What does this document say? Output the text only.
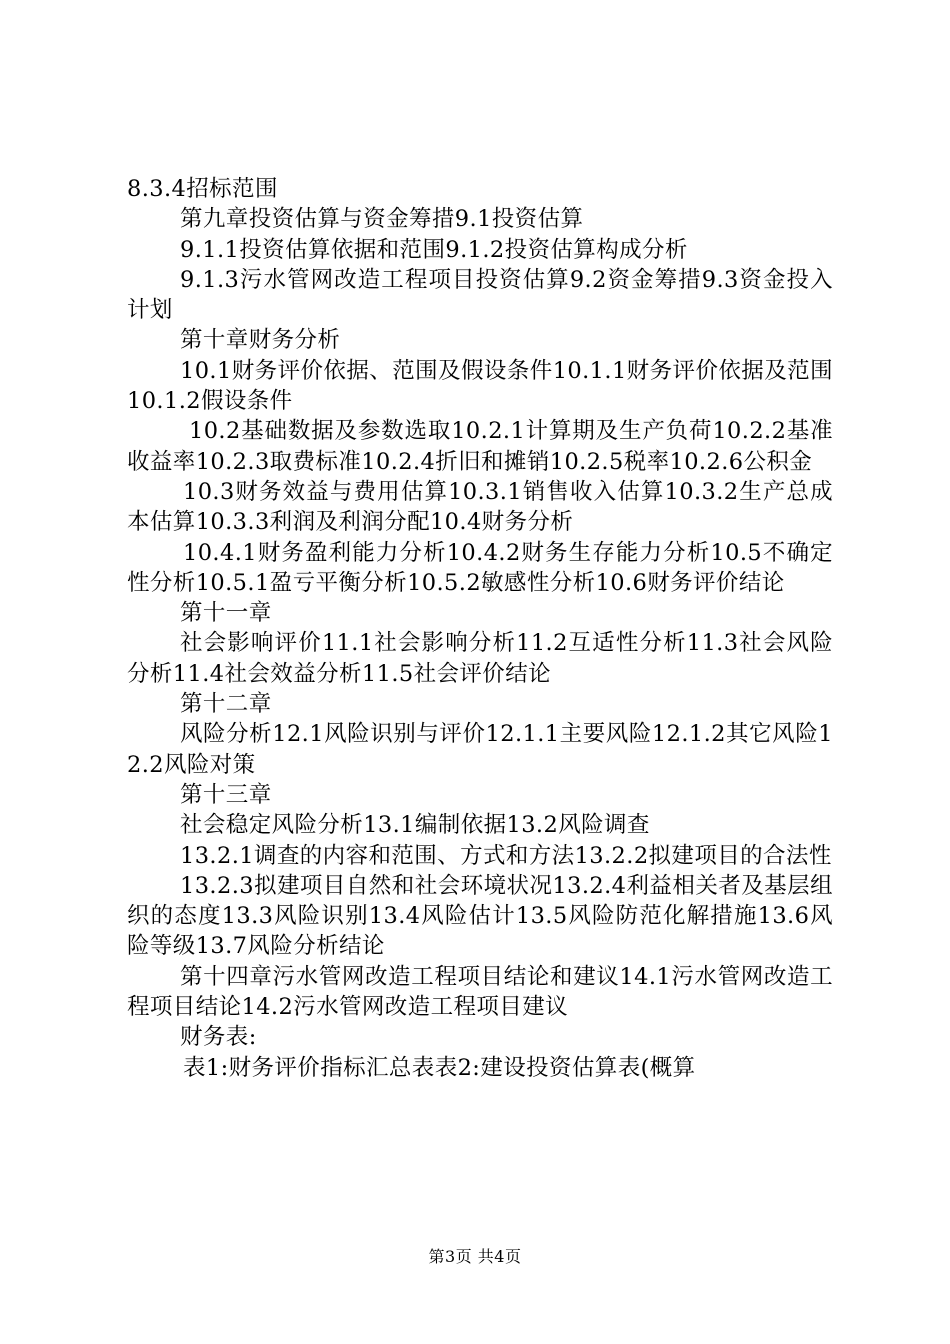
8.3.4招标范围

第九章投资估算与资金筹措9.1投资估算

9.1.1投资估算依据和范围9.1.2投资估算构成分析

9.1.3污水管网改造工程项目投资估算9.2资金筹措9.3资金投入计划

第十章财务分析

10.1财务评价依据、范围及假设条件10.1.1财务评价依据及范围10.1.2假设条件

10.2基础数据及参数选取10.2.1计算期及生产负荷10.2.2基准收益率10.2.3取费标准10.2.4折旧和摊销10.2.5税率10.2.6公积金

10.3财务效益与费用估算10.3.1销售收入估算10.3.2生产总成本估算10.3.3利润及利润分配10.4财务分析

10.4.1财务盈利能力分析10.4.2财务生存能力分析10.5不确定性分析10.5.1盈亏平衡分析10.5.2敏感性分析10.6财务评价结论

第十一章

社会影响评价11.1社会影响分析11.2互适性分析11.3社会风险分析11.4社会效益分析11.5社会评价结论

第十二章

风险分析12.1风险识别与评价12.1.1主要风险12.1.2其它风险12.2风险对策

第十三章

社会稳定风险分析13.1编制依据13.2风险调查

13.2.1调查的内容和范围、方式和方法13.2.2拟建项目的合法性

13.2.3拟建项目自然和社会环境状况13.2.4利益相关者及基层组织的态度13.3风险识别13.4风险估计13.5风险防范化解措施13.6风险等级13.7风险分析结论

第十四章污水管网改造工程项目结论和建议14.1污水管网改造工程项目结论14.2污水管网改造工程项目建议

财务表:

表1:财务评价指标汇总表表2:建设投资估算表(概算

第3页 共4页
